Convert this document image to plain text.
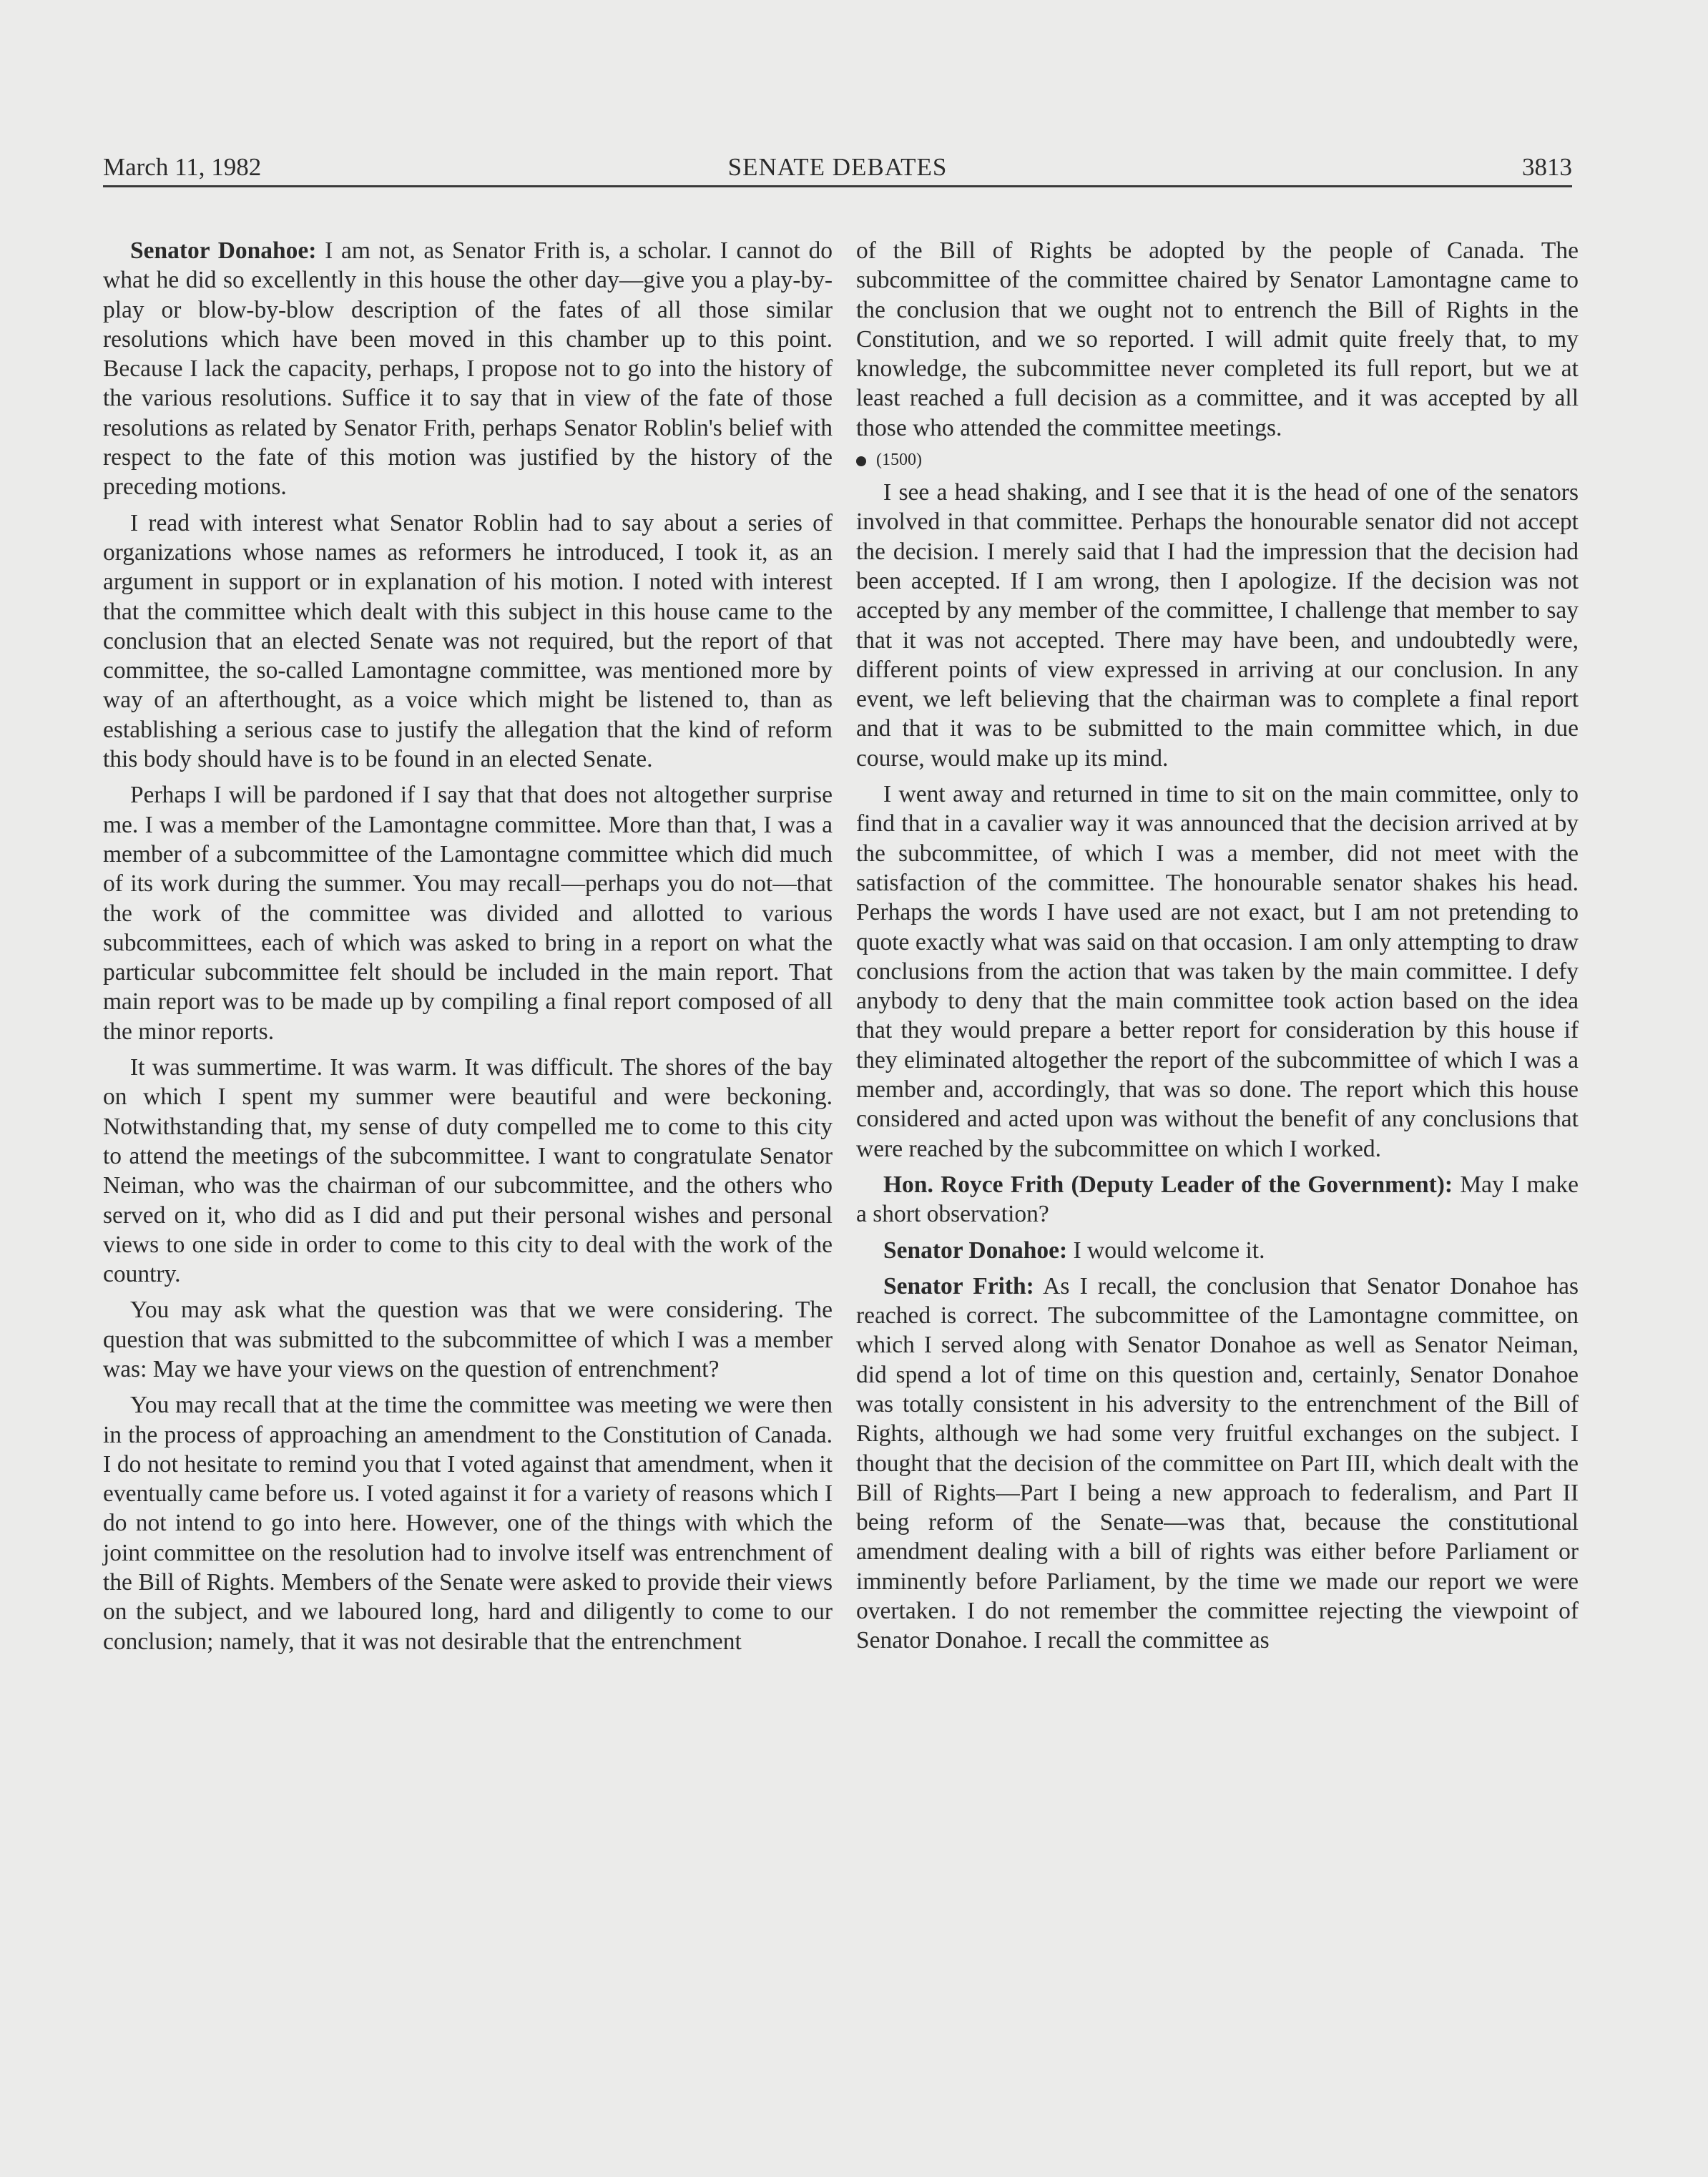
March 11, 1982	SENATE DEBATES	3813

Senator Donahoe: I am not, as Senator Frith is, a scholar. I cannot do what he did so excellently in this house the other day—give you a play-by-play or blow-by-blow description of the fates of all those similar resolutions which have been moved in this chamber up to this point. Because I lack the capacity, perhaps, I propose not to go into the history of the various resolutions. Suffice it to say that in view of the fate of those resolutions as related by Senator Frith, perhaps Senator Roblin's belief with respect to the fate of this motion was justified by the history of the preceding motions.

I read with interest what Senator Roblin had to say about a series of organizations whose names as reformers he introduced, I took it, as an argument in support or in explanation of his motion. I noted with interest that the committee which dealt with this subject in this house came to the conclusion that an elected Senate was not required, but the report of that committee, the so-called Lamontagne committee, was mentioned more by way of an afterthought, as a voice which might be listened to, than as establishing a serious case to justify the allegation that the kind of reform this body should have is to be found in an elected Senate.

Perhaps I will be pardoned if I say that that does not altogether surprise me. I was a member of the Lamontagne committee. More than that, I was a member of a subcommittee of the Lamontagne committee which did much of its work during the summer. You may recall—perhaps you do not—that the work of the committee was divided and allotted to various subcommittees, each of which was asked to bring in a report on what the particular subcommittee felt should be included in the main report. That main report was to be made up by compiling a final report composed of all the minor reports.

It was summertime. It was warm. It was difficult. The shores of the bay on which I spent my summer were beautiful and were beckoning. Notwithstanding that, my sense of duty compelled me to come to this city to attend the meetings of the subcommittee. I want to congratulate Senator Neiman, who was the chairman of our subcommittee, and the others who served on it, who did as I did and put their personal wishes and personal views to one side in order to come to this city to deal with the work of the country.

You may ask what the question was that we were considering. The question that was submitted to the subcommittee of which I was a member was: May we have your views on the question of entrenchment?

You may recall that at the time the committee was meeting we were then in the process of approaching an amendment to the Constitution of Canada. I do not hesitate to remind you that I voted against that amendment, when it eventually came before us. I voted against it for a variety of reasons which I do not intend to go into here. However, one of the things with which the joint committee on the resolution had to involve itself was entrenchment of the Bill of Rights. Members of the Senate were asked to provide their views on the subject, and we laboured long, hard and diligently to come to our conclusion; namely, that it was not desirable that the entrenchment

of the Bill of Rights be adopted by the people of Canada. The subcommittee of the committee chaired by Senator Lamontagne came to the conclusion that we ought not to entrench the Bill of Rights in the Constitution, and we so reported. I will admit quite freely that, to my knowledge, the subcommittee never completed its full report, but we at least reached a full decision as a committee, and it was accepted by all those who attended the committee meetings.

(1500)

I see a head shaking, and I see that it is the head of one of the senators involved in that committee. Perhaps the honourable senator did not accept the decision. I merely said that I had the impression that the decision had been accepted. If I am wrong, then I apologize. If the decision was not accepted by any member of the committee, I challenge that member to say that it was not accepted. There may have been, and undoubtedly were, different points of view expressed in arriving at our conclusion. In any event, we left believing that the chairman was to complete a final report and that it was to be submitted to the main committee which, in due course, would make up its mind.

I went away and returned in time to sit on the main committee, only to find that in a cavalier way it was announced that the decision arrived at by the subcommittee, of which I was a member, did not meet with the satisfaction of the committee. The honourable senator shakes his head. Perhaps the words I have used are not exact, but I am not pretending to quote exactly what was said on that occasion. I am only attempting to draw conclusions from the action that was taken by the main committee. I defy anybody to deny that the main committee took action based on the idea that they would prepare a better report for consideration by this house if they eliminated altogether the report of the subcommittee of which I was a member and, accordingly, that was so done. The report which this house considered and acted upon was without the benefit of any conclusions that were reached by the subcommittee on which I worked.

Hon. Royce Frith (Deputy Leader of the Government): May I make a short observation?

Senator Donahoe: I would welcome it.

Senator Frith: As I recall, the conclusion that Senator Donahoe has reached is correct. The subcommittee of the Lamontagne committee, on which I served along with Senator Donahoe as well as Senator Neiman, did spend a lot of time on this question and, certainly, Senator Donahoe was totally consistent in his adversity to the entrenchment of the Bill of Rights, although we had some very fruitful exchanges on the subject. I thought that the decision of the committee on Part III, which dealt with the Bill of Rights—Part I being a new approach to federalism, and Part II being reform of the Senate—was that, because the constitutional amendment dealing with a bill of rights was either before Parliament or imminently before Parliament, by the time we made our report we were overtaken. I do not remember the committee rejecting the viewpoint of Senator Donahoe. I recall the committee as
